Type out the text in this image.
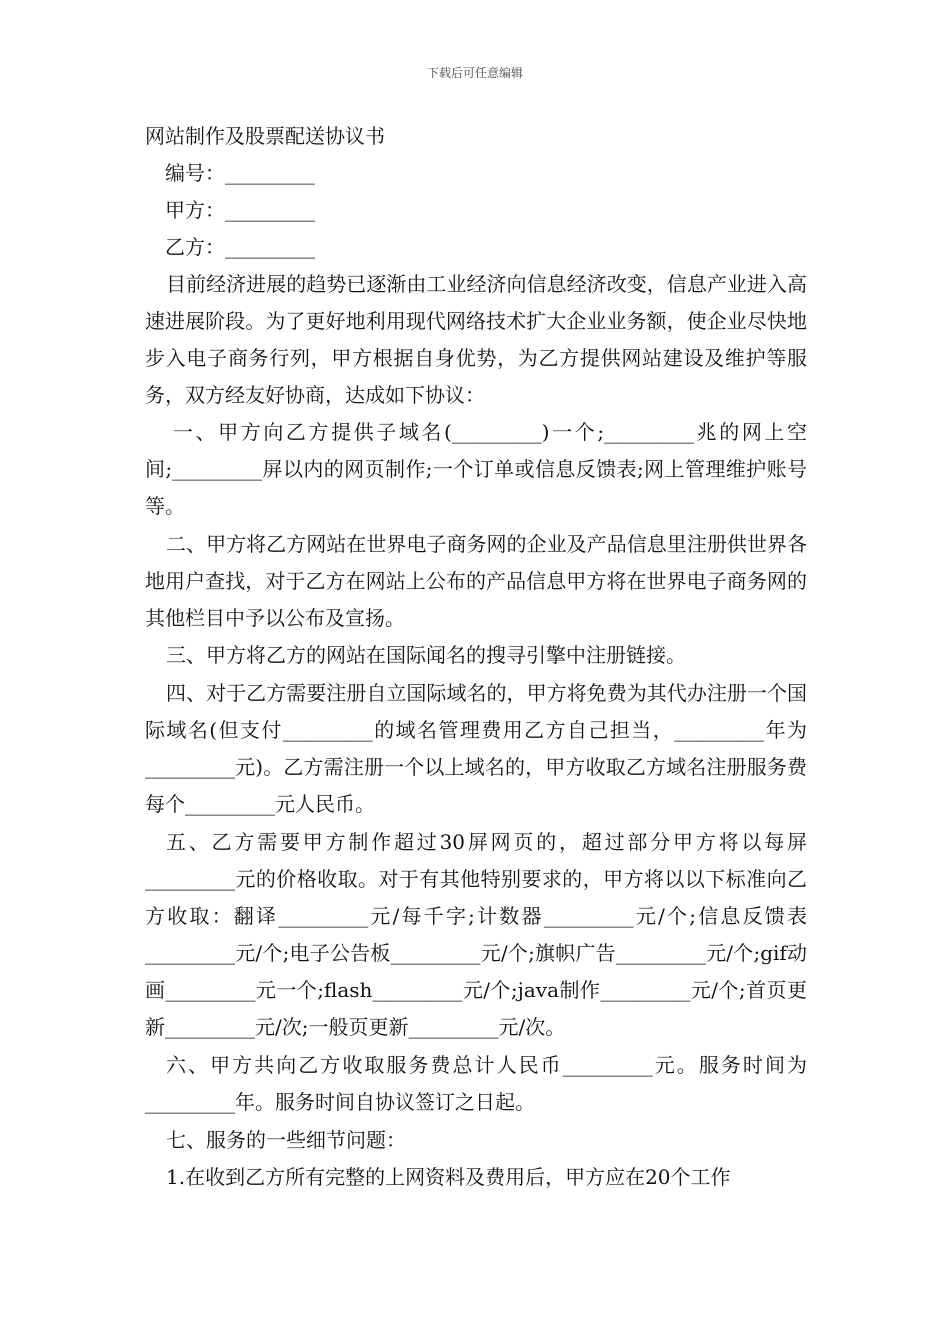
下载后可任意编辑
网站制作及股票配送协议书

编号：_________

甲方：_________

乙方：_________

目前经济进展的趋势已逐渐由工业经济向信息经济改变，信息产业进入高速进展阶段。为了更好地利用现代网络技术扩大企业业务额，使企业尽快地步入电子商务行列，甲方根据自身优势，为乙方提供网站建设及维护等服务，双方经友好协商，达成如下协议：

一、甲方向乙方提供子域名(_________)一个;_________兆的网上空间;_________屏以内的网页制作;一个订单或信息反馈表;网上管理维护账号等。

二、甲方将乙方网站在世界电子商务网的企业及产品信息里注册供世界各地用户查找，对于乙方在网站上公布的产品信息甲方将在世界电子商务网的其他栏目中予以公布及宣扬。

三、甲方将乙方的网站在国际闻名的搜寻引擎中注册链接。

四、对于乙方需要注册自立国际域名的，甲方将免费为其代办注册一个国际域名(但支付_________的域名管理费用乙方自己担当，_________年为_________元)。乙方需注册一个以上域名的，甲方收取乙方域名注册服务费每个_________元人民币。

五、乙方需要甲方制作超过30屏网页的，超过部分甲方将以每屏_________元的价格收取。对于有其他特别要求的，甲方将以以下标准向乙方收取：翻译_________元/每千字;计数器_________元/个;信息反馈表_________元/个;电子公告板_________元/个;旗帜广告_________元/个;gif动画_________元一个;flash_________元/个;java制作_________元/个;首页更新_________元/次;一般页更新_________元/次。

六、甲方共向乙方收取服务费总计人民币_________元。服务时间为_________年。服务时间自协议签订之日起。

七、服务的一些细节问题：

1.在收到乙方所有完整的上网资料及费用后，甲方应在20个工作
